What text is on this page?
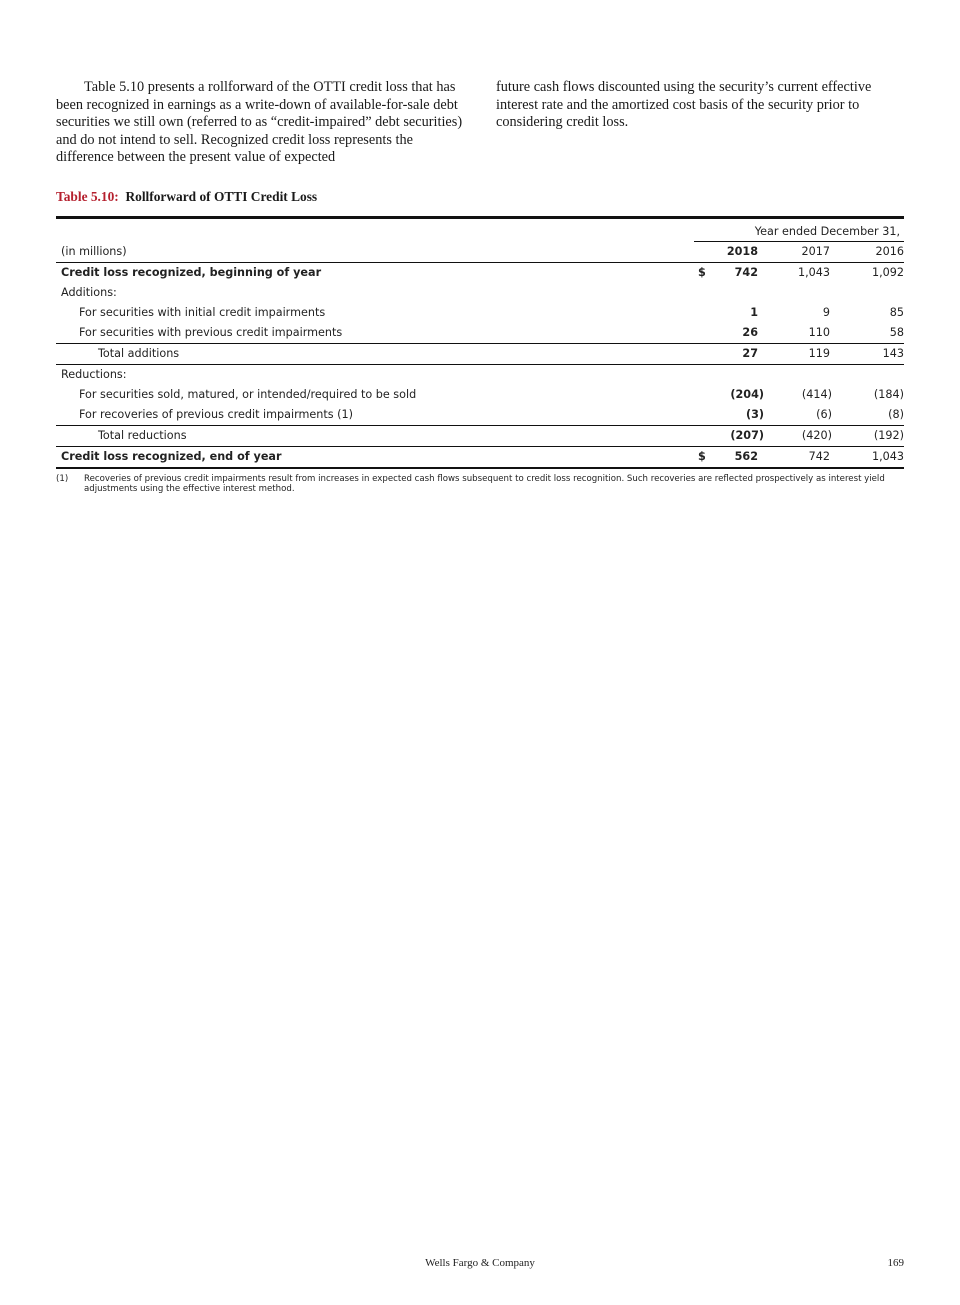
Table 5.10 presents a rollforward of the OTTI credit loss that has been recognized in earnings as a write-down of available-for-sale debt securities we still own (referred to as “credit-impaired” debt securities) and do not intend to sell. Recognized credit loss represents the difference between the present value of expected

future cash flows discounted using the security’s current effective interest rate and the amortized cost basis of the security prior to considering credit loss.

Table 5.10: Rollforward of OTTI Credit Loss
Year ended December 31,
(in millions)	2018	2017	2016
Credit loss recognized, beginning of year	$	742	1,043	1,092
Additions:
For securities with initial credit impairments	1	9	85
For securities with previous credit impairments	26	110	58
Total additions	27	119	143
Reductions:
For securities sold, matured, or intended/required to be sold	(204)	(414)	(184)
For recoveries of previous credit impairments (1)	(3)	(6)	(8)
Total reductions	(207)	(420)	(192)
Credit loss recognized, end of year	$	562	742	1,043
(1)	Recoveries of previous credit impairments result from increases in expected cash flows subsequent to credit loss recognition. Such recoveries are reflected prospectively as interest yield adjustments using the effective interest method.
Wells Fargo & Company	169
